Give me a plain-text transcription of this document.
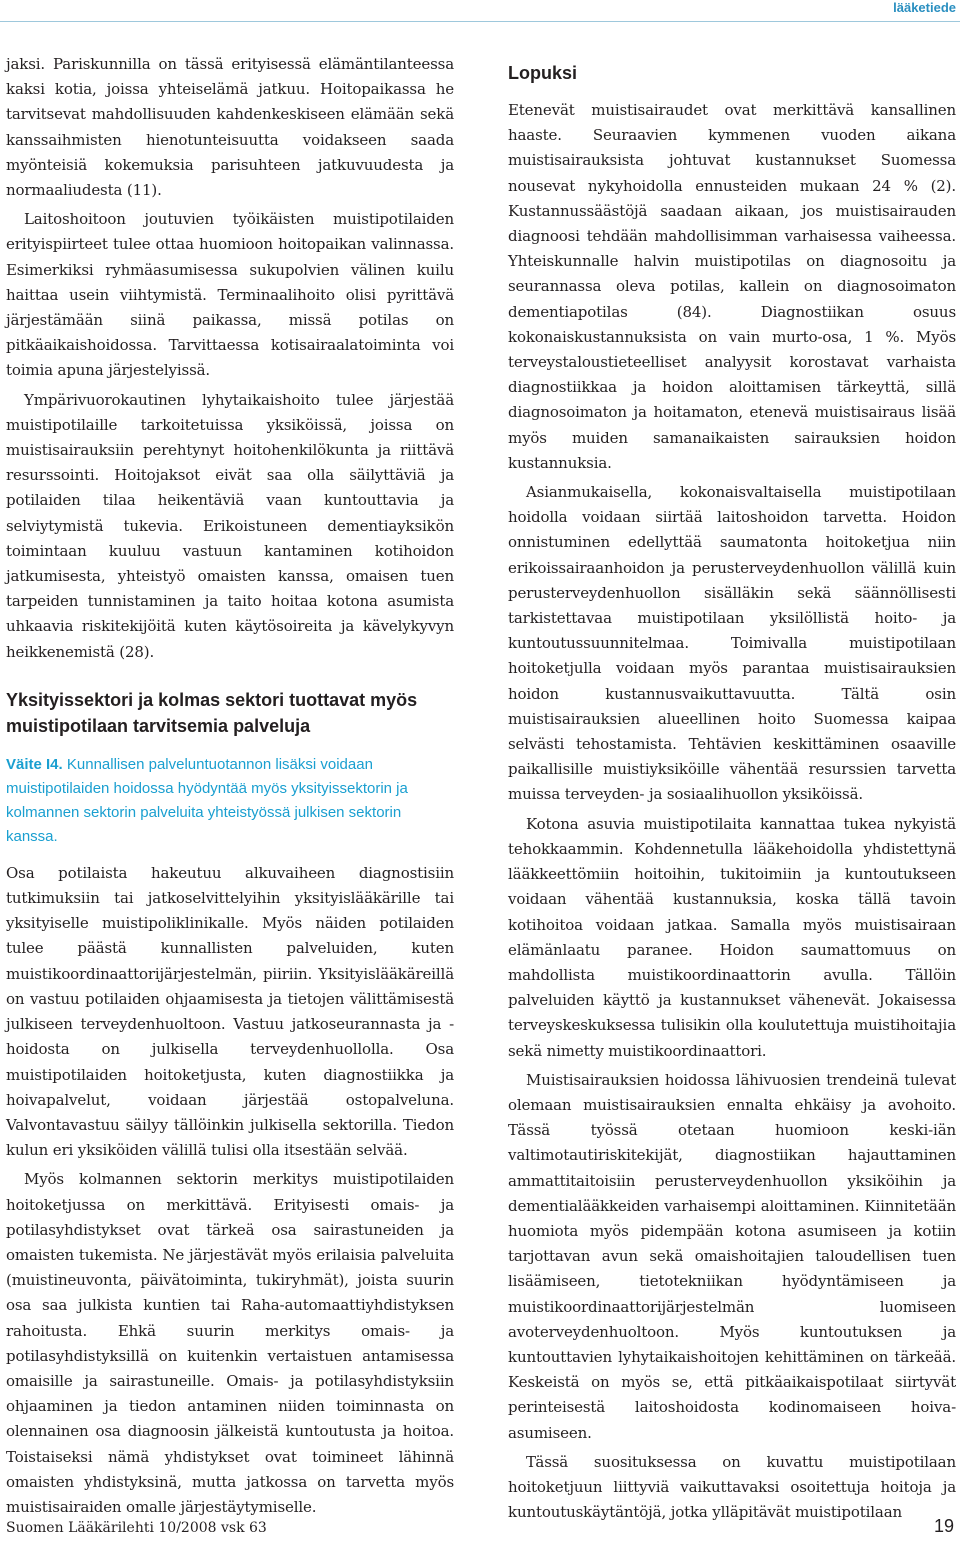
lääketiede

jaksi. Pariskunnilla on tässä erityisessä elämäntilanteessa kaksi kotia, joissa yhteiselämä jatkuu. Hoitopaikassa he tarvitsevat mahdollisuuden kahdenkeskiseen elämään sekä kanssaihmisten hienotunteisuutta voidakseen saada myönteisiä kokemuksia parisuhteen jatkuvuudesta ja normaaliudesta (11).

Laitoshoitoon joutuvien työikäisten muistipotilaiden erityispiirteet tulee ottaa huomioon hoitopaikan valinnassa. Esimerkiksi ryhmäasumisessa sukupolvien välinen kuilu haittaa usein viihtymistä. Terminaalihoito olisi pyrittävä järjestämään siinä paikassa, missä potilas on pitkäaikaishoidossa. Tarvittaessa kotisairaalatoiminta voi toimia apuna järjestelyissä.

Ympärivuorokautinen lyhytaikaishoito tulee järjestää muistipotilaille tarkoitetuissa yksiköissä, joissa on muistisairauksiin perehtynyt hoitohenkilökunta ja riittävä resurssointi. Hoitojaksot eivät saa olla säilyttäviä ja potilaiden tilaa heikentäviä vaan kuntouttavia ja selviytymistä tukevia. Erikoistuneen dementiayksikön toimintaan kuuluu vastuun kantaminen kotihoidon jatkumisesta, yhteistyö omaisten kanssa, omaisen tuen tarpeiden tunnistaminen ja taito hoitaa kotona asumista uhkaavia riskitekijöitä kuten käytösoireita ja kävelykyvyn heikkenemistä (28).

Yksityissektori ja kolmas sektori tuottavat myös muistipotilaan tarvitsemia palveluja

Väite I4. Kunnallisen palveluntuotannon lisäksi voidaan muistipotilaiden hoidossa hyödyntää myös yksityissektorin ja kolmannen sektorin palveluita yhteistyössä julkisen sektorin kanssa.

Osa potilaista hakeutuu alkuvaiheen diagnostisiin tutkimuksiin tai jatkoselvittelyihin yksityislääkärille tai yksityiselle muistipoliklinikalle. Myös näiden potilaiden tulee päästä kunnallisten palveluiden, kuten muistikoordinaattorijärjestelmän, piiriin. Yksityislääkäreillä on vastuu potilaiden ohjaamisesta ja tietojen välittämisestä julkiseen terveydenhuoltoon. Vastuu jatkoseurannasta ja -hoidosta on julkisella terveydenhuollolla. Osa muistipotilaiden hoitoketjusta, kuten diagnostiikka ja hoivapalvelut, voidaan järjestää ostopalveluna. Valvontavastuu säilyy tällöinkin julkisella sektorilla. Tiedon kulun eri yksiköiden välillä tulisi olla itsestään selvää.

Myös kolmannen sektorin merkitys muistipotilaiden hoitoketjussa on merkittävä. Erityisesti omais- ja potilasyhdistykset ovat tärkeä osa sairastuneiden ja omaisten tukemista. Ne järjestävät myös erilaisia palveluita (muistineuvonta, päivätoiminta, tukiryhmät), joista suurin osa saa julkista kuntien tai Raha-automaattiyhdistyksen rahoitusta. Ehkä suurin merkitys omais- ja potilasyhdistyksillä on kuitenkin vertaistuen antamisessa omaisille ja sairastuneille. Omais- ja potilasyhdistyksiin ohjaaminen ja tiedon antaminen niiden toiminnasta on olennainen osa diagnoosin jälkeistä kuntoutusta ja hoitoa. Toistaiseksi nämä yhdistykset ovat toimineet lähinnä omaisten yhdistyksinä, mutta jatkossa on tarvetta myös muistisairaiden omalle järjestäytymiselle.

Lopuksi

Etenevät muistisairaudet ovat merkittävä kansallinen haaste. Seuraavien kymmenen vuoden aikana muistisairauksista johtuvat kustannukset Suomessa nousevat nykyhoidolla ennusteiden mukaan 24 % (2). Kustannussäästöjä saadaan aikaan, jos muistisairauden diagnoosi tehdään mahdollisimman varhaisessa vaiheessa. Yhteiskunnalle halvin muistipotilas on diagnosoitu ja seurannassa oleva potilas, kallein on diagnosoimaton dementiapotilas (84). Diagnostiikan osuus kokonaiskustannuksista on vain murto-osa, 1 %. Myös terveystaloustieteelliset analyysit korostavat varhaista diagnostiikkaa ja hoidon aloittamisen tärkeyttä, sillä diagnosoimaton ja hoitamaton, etenevä muistisairaus lisää myös muiden samanaikaisten sairauksien hoidon kustannuksia.

Asianmukaisella, kokonaisvaltaisella muistipotilaan hoidolla voidaan siirtää laitoshoidon tarvetta. Hoidon onnistuminen edellyttää saumatonta hoitoketjua niin erikoissairaanhoidon ja perusterveydenhuollon välillä kuin perusterveydenhuollon sisälläkin sekä säännöllisesti tarkistettavaa muistipotilaan yksilöllistä hoito- ja kuntoutussuunnitelmaa. Toimivalla muistipotilaan hoitoketjulla voidaan myös parantaa muistisairauksien hoidon kustannusvaikuttavuutta. Tältä osin muistisairauksien alueellinen hoito Suomessa kaipaa selvästi tehostamista. Tehtävien keskittäminen osaaville paikallisille muistiyksiköille vähentää resurssien tarvetta muissa terveyden- ja sosiaalihuollon yksiköissä.

Kotona asuvia muistipotilaita kannattaa tukea nykyistä tehokkaammin. Kohdennetulla lääkehoidolla yhdistettynä lääkkeettömiin hoitoihin, tukitoimiin ja kuntoutukseen voidaan vähentää kustannuksia, koska tällä tavoin kotihoitoa voidaan jatkaa. Samalla myös muistisairaan elämänlaatu paranee. Hoidon saumattomuus on mahdollista muistikoordinaattorin avulla. Tällöin palveluiden käyttö ja kustannukset vähenevät. Jokaisessa terveyskeskuksessa tulisikin olla koulutettuja muistihoitajia sekä nimetty muistikoordinaattori.

Muistisairauksien hoidossa lähivuosien trendeinä tulevat olemaan muistisairauksien ennalta ehkäisy ja avohoito. Tässä työssä otetaan huomioon keski-iän valtimotautiriskitekijät, diagnostiikan hajauttaminen ammattitaitoisiin perusterveydenhuollon yksiköihin ja dementialääkkeiden varhaisempi aloittaminen. Kiinnitetään huomiota myös pidempään kotona asumiseen ja kotiin tarjottavan avun sekä omaishoitajien taloudellisen tuen lisäämiseen, tietotekniikan hyödyntämiseen ja muistikoordinaattorijärjestelmän luomiseen avoterveydenhuoltoon. Myös kuntoutuksen ja kuntouttavien lyhytaikaishoitojen kehittäminen on tärkeää. Keskeistä on myös se, että pitkäaikaispotilaat siirtyvät perinteisestä laitoshoidosta kodinomaiseen hoiva-asumiseen.

Tässä suosituksessa on kuvattu muistipotilaan hoitoketjuun liittyviä vaikuttavaksi osoitettuja hoitoja ja kuntoutuskäytäntöjä, jotka ylläpitävät muistipotilaan

Suomen Lääkärilehti 10/2008 vsk 63	19
